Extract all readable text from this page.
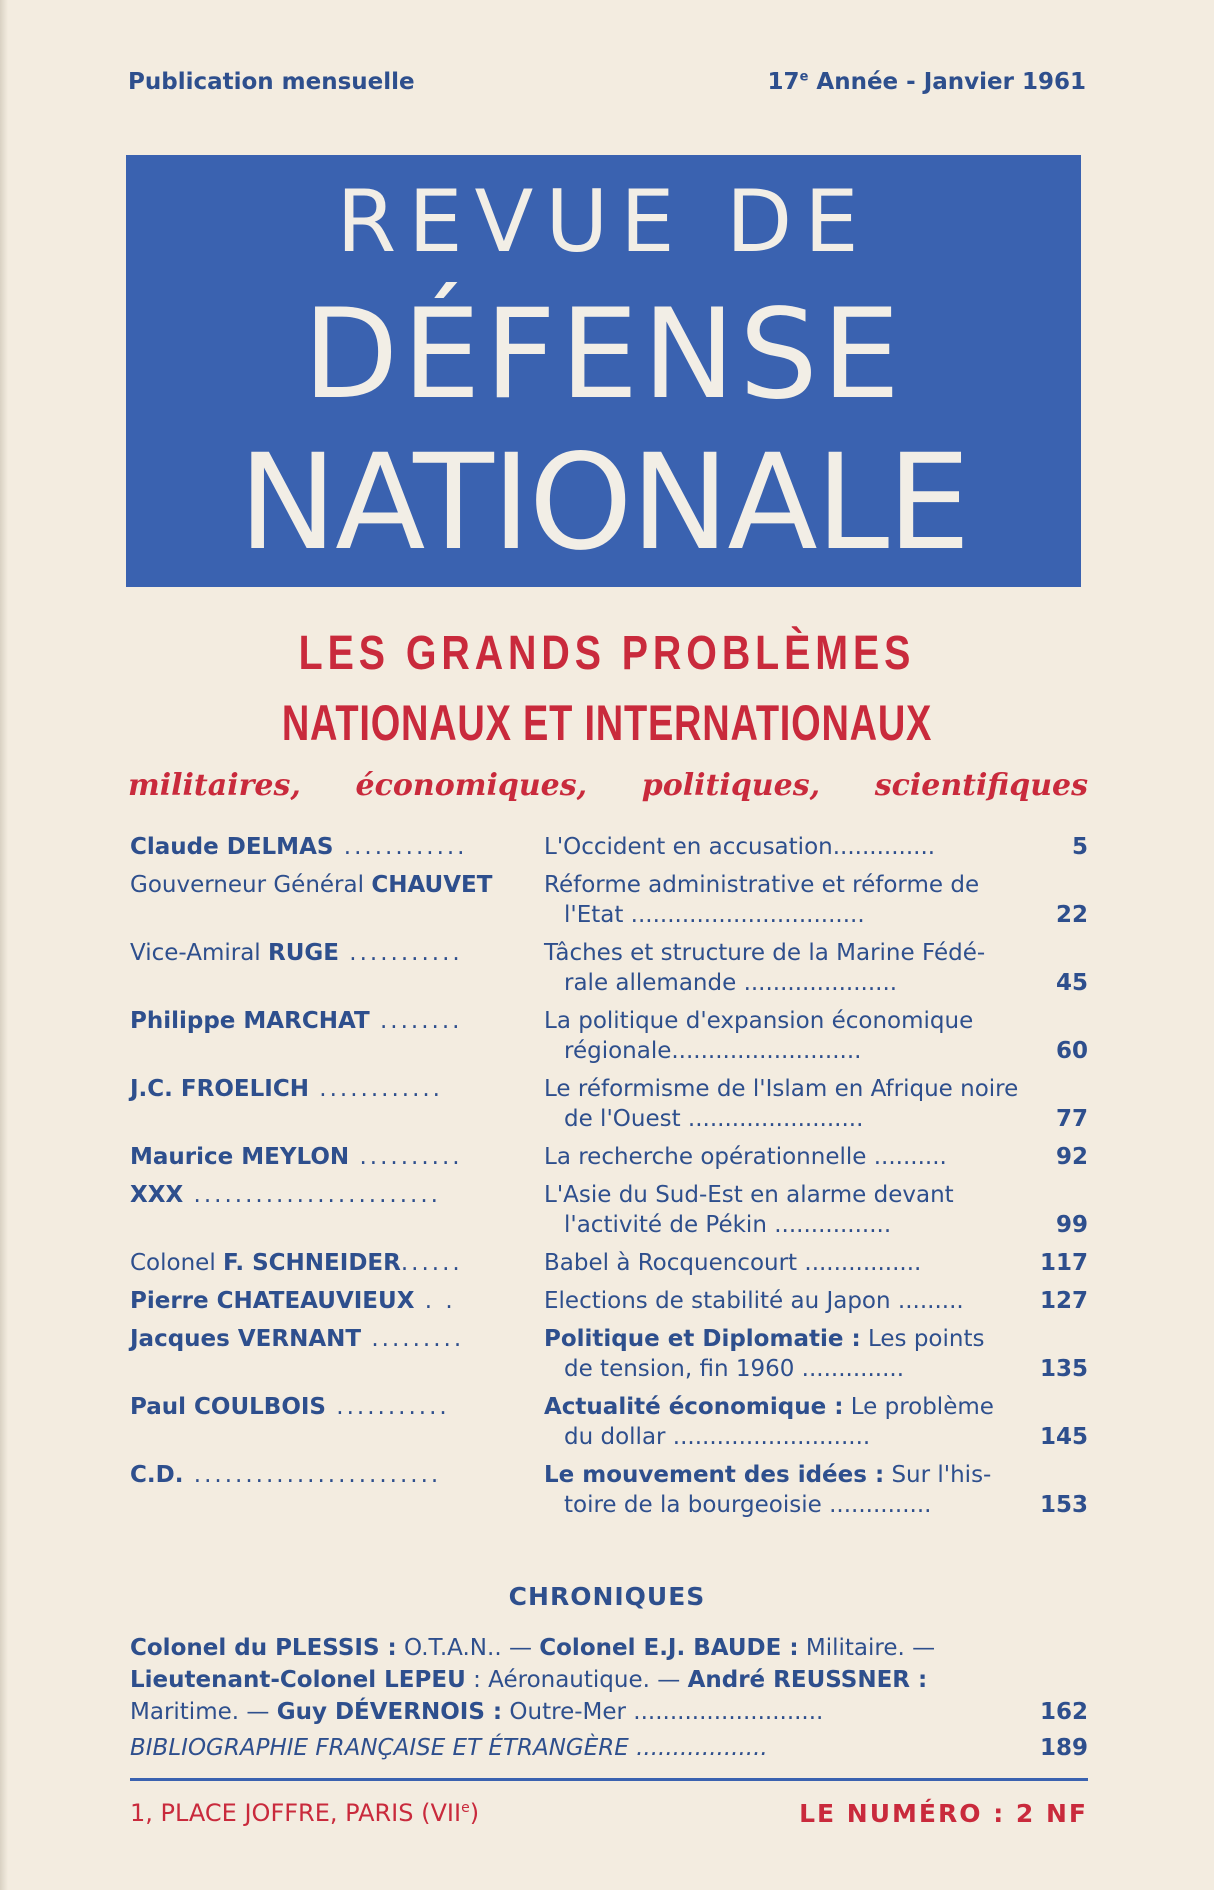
Publication mensuelle	17e Année - Janvier 1961
REVUE DE
DÉFENSE
NATIONALE
LES GRANDS PROBLÈMES
NATIONAUX ET INTERNATIONAUX
militaires, économiques, politiques, scientifiques
Claude DELMAS ............	L'Occident en accusation..............	5
Gouverneur Général CHAUVET	Réforme administrative et réforme de
l'Etat ................................	22
Vice-Amiral RUGE ...........	Tâches et structure de la Marine Fédé-
rale allemande .....................	45
Philippe MARCHAT ........	La politique d'expansion économique
régionale..........................	60
J.C. FROELICH ............	Le réformisme de l'Islam en Afrique noire
de l'Ouest ........................	77
Maurice MEYLON ..........	La recherche opérationnelle ..........	92
XXX ........................	L'Asie du Sud-Est en alarme devant
l'activité de Pékin ................	99
Colonel F. SCHNEIDER......	Babel à Rocquencourt ................	117
Pierre CHATEAUVIEUX . .	Elections de stabilité au Japon .........	127
Jacques VERNANT .........	Politique et Diplomatie : Les points
de tension, fin 1960 ..............	135
Paul COULBOIS ...........	Actualité économique : Le problème
du dollar ...........................	145
C.D. ........................	Le mouvement des idées : Sur l'his-
toire de la bourgeoisie ..............	153
CHRONIQUES
Colonel du PLESSIS : O.T.A.N.. — Colonel E.J. BAUDE : Militaire. —
Lieutenant-Colonel LEPEU : Aéronautique. — André REUSSNER :
Maritime. — Guy DÉVERNOIS : Outre-Mer ..........................	162
BIBLIOGRAPHIE FRANÇAISE ET ÉTRANGÈRE ..................	189
1, PLACE JOFFRE, PARIS (VIIe)	LE NUMÉRO : 2 NF
